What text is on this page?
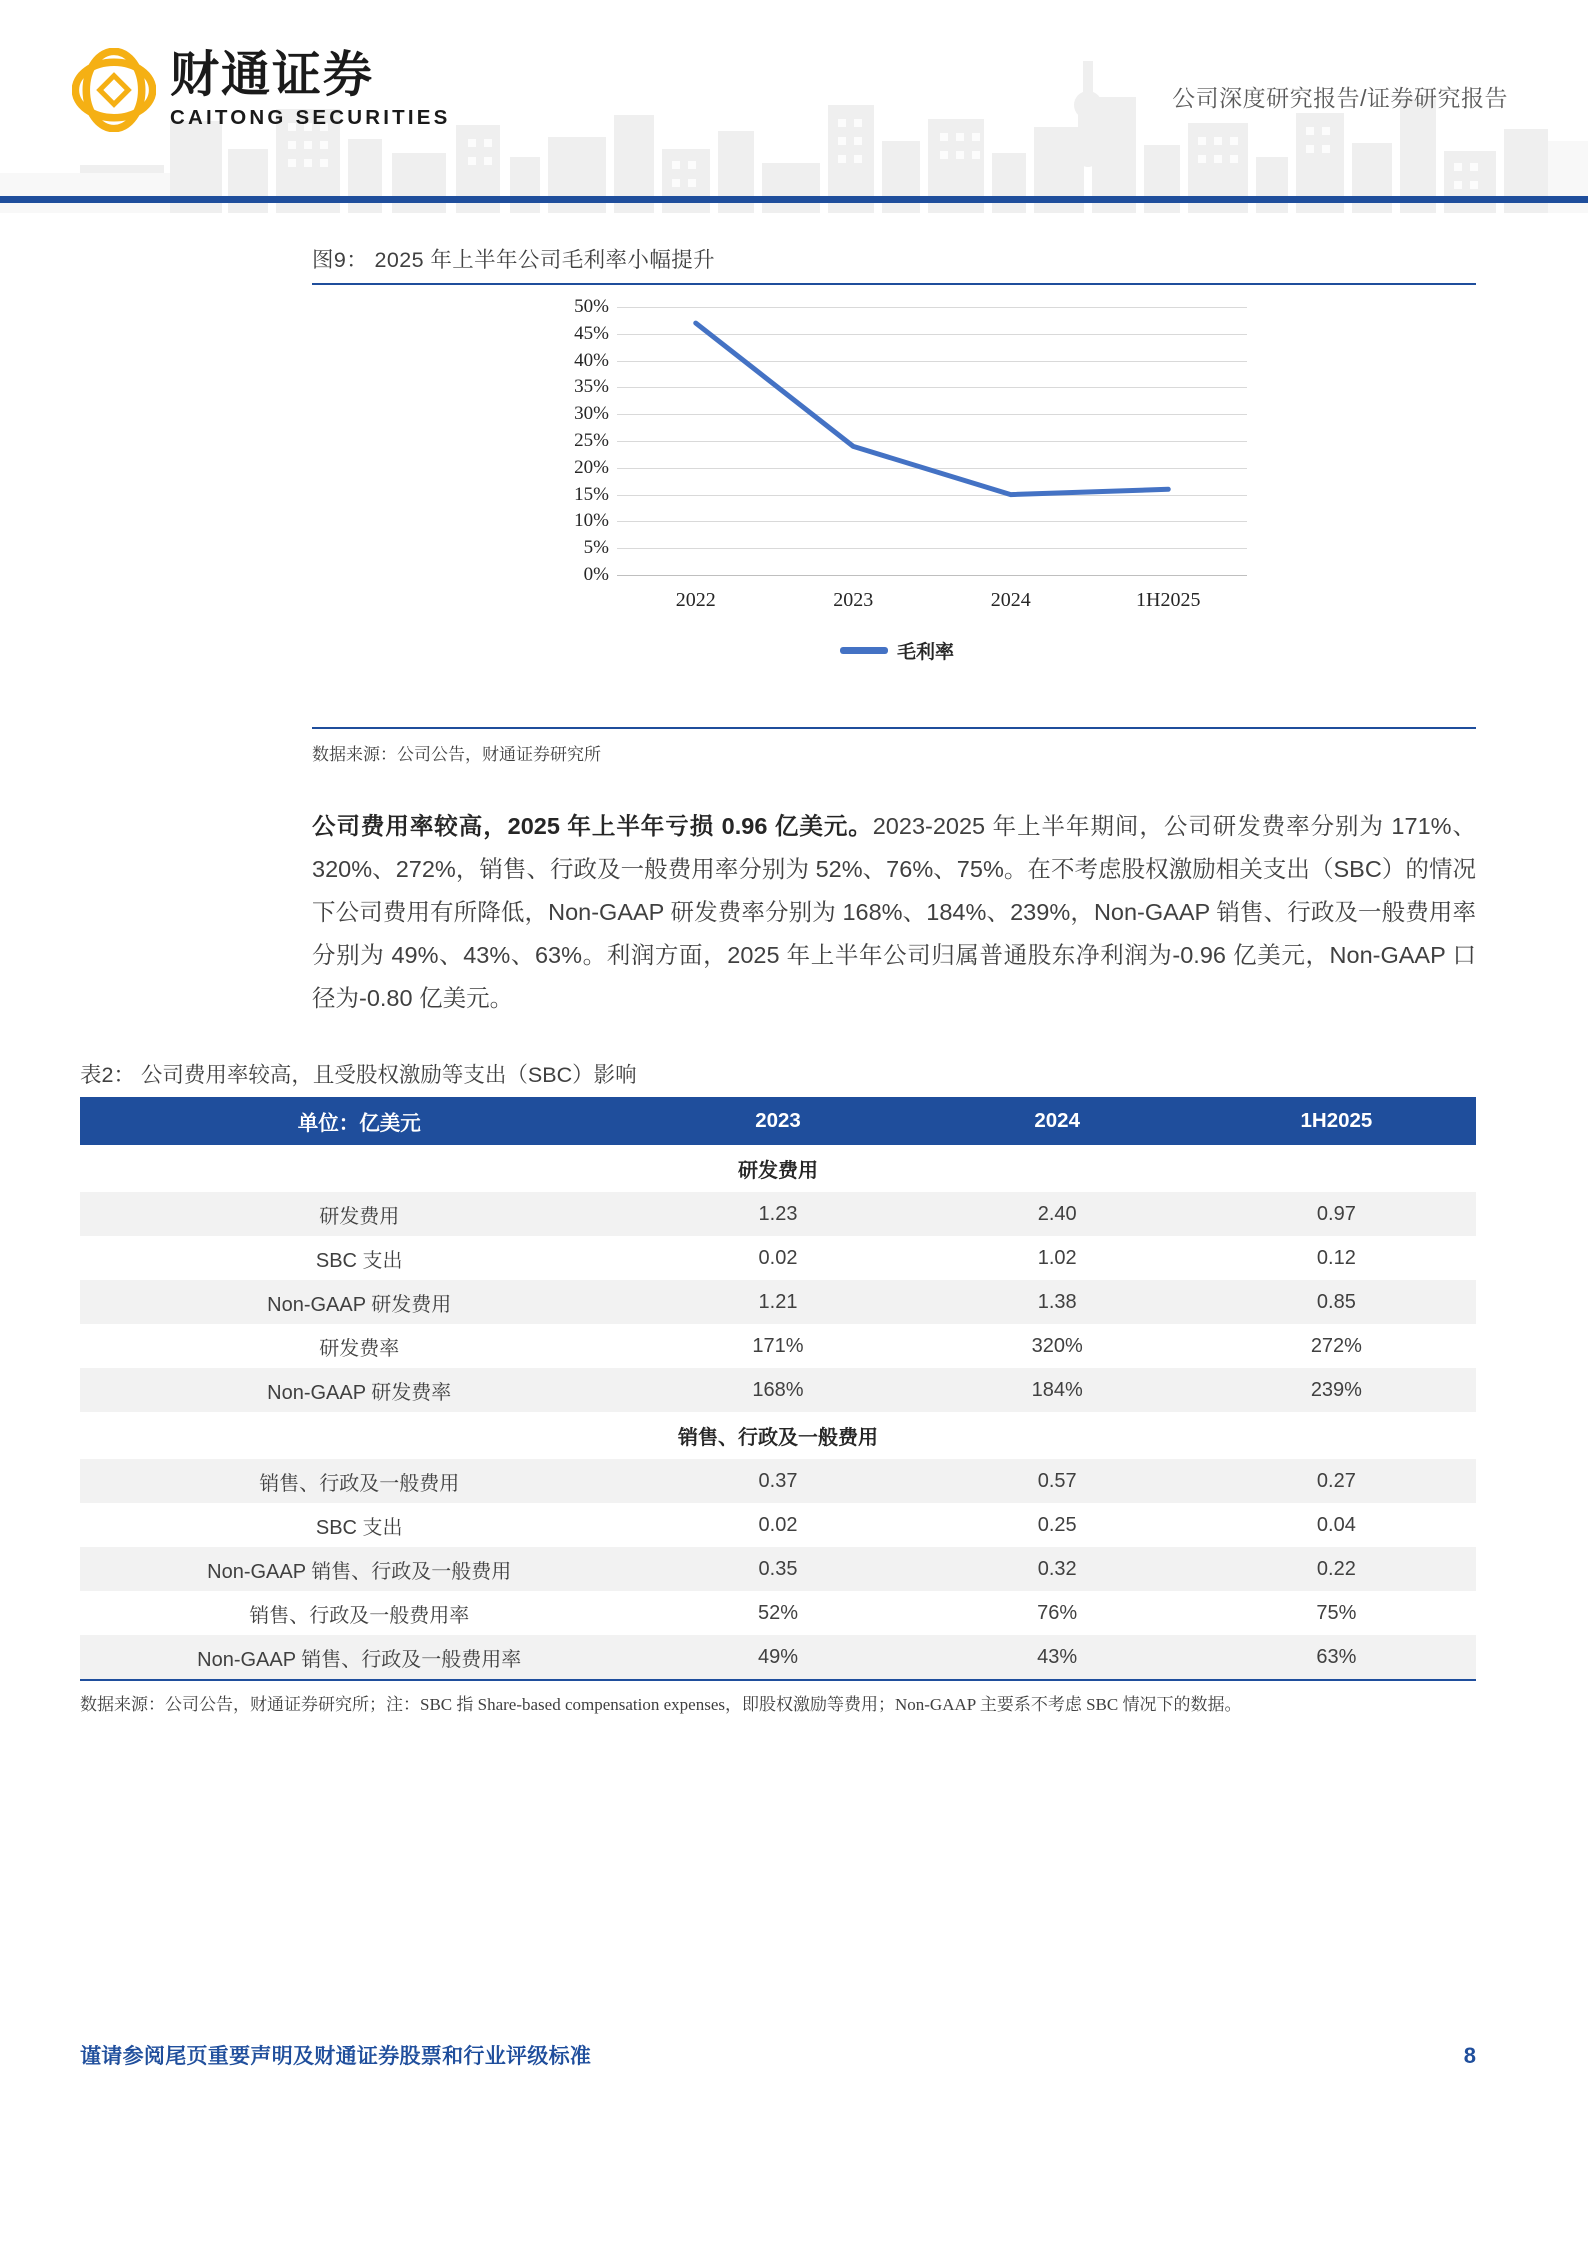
财通证券
CAITONG SECURITIES
公司深度研究报告/证券研究报告
图9： 2025 年上半年公司毛利率小幅提升
50%
45%
40%
35%
30%
25%
20%
15%
10%
5%
0%
2022	2023	2024	1H2025
毛利率
数据来源：公司公告，财通证券研究所
公司费用率较高，2025 年上半年亏损 0.96 亿美元。2023-2025 年上半年期间，公司研发费率分别为 171%、320%、272%，销售、行政及一般费用率分别为 52%、76%、75%。在不考虑股权激励相关支出（SBC）的情况下公司费用有所降低，Non-GAAP 研发费率分别为 168%、184%、239%，Non-GAAP 销售、行政及一般费用率分别为 49%、43%、63%。利润方面，2025 年上半年公司归属普通股东净利润为-0.96 亿美元，Non-GAAP 口径为-0.80 亿美元。
表2： 公司费用率较高，且受股权激励等支出（SBC）影响
单位：亿美元	2023	2024	1H2025
研发费用			
研发费用	1.23	2.40	0.97
SBC 支出	0.02	1.02	0.12
Non-GAAP 研发费用	1.21	1.38	0.85
研发费率	171%	320%	272%
Non-GAAP 研发费率	168%	184%	239%
销售、行政及一般费用			
销售、行政及一般费用	0.37	0.57	0.27
SBC 支出	0.02	0.25	0.04
Non-GAAP 销售、行政及一般费用	0.35	0.32	0.22
销售、行政及一般费用率	52%	76%	75%
Non-GAAP 销售、行政及一般费用率	49%	43%	63%
数据来源：公司公告，财通证券研究所；注：SBC 指 Share-based compensation expenses，即股权激励等费用；Non-GAAP 主要系不考虑 SBC 情况下的数据。
谨请参阅尾页重要声明及财通证券股票和行业评级标准	8
